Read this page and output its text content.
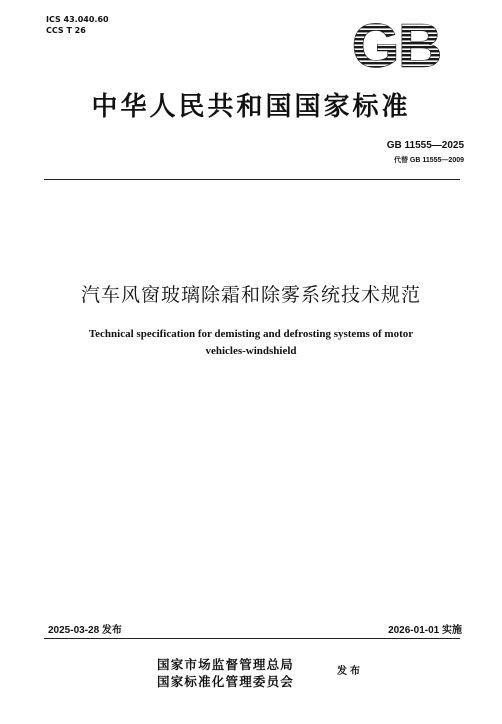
ICS 43.040.60
CCS T 26	GB
中华人民共和国国家标准
GB 11555—2025
代替 GB 11555—2009
汽车风窗玻璃除霜和除雾系统技术规范
Technical specification for demisting and defrosting systems of motor
vehicles-windshield
2025-03-28 发布	2026-01-01 实施
国家市场监督管理总局
国家标准化管理委员会
发布
